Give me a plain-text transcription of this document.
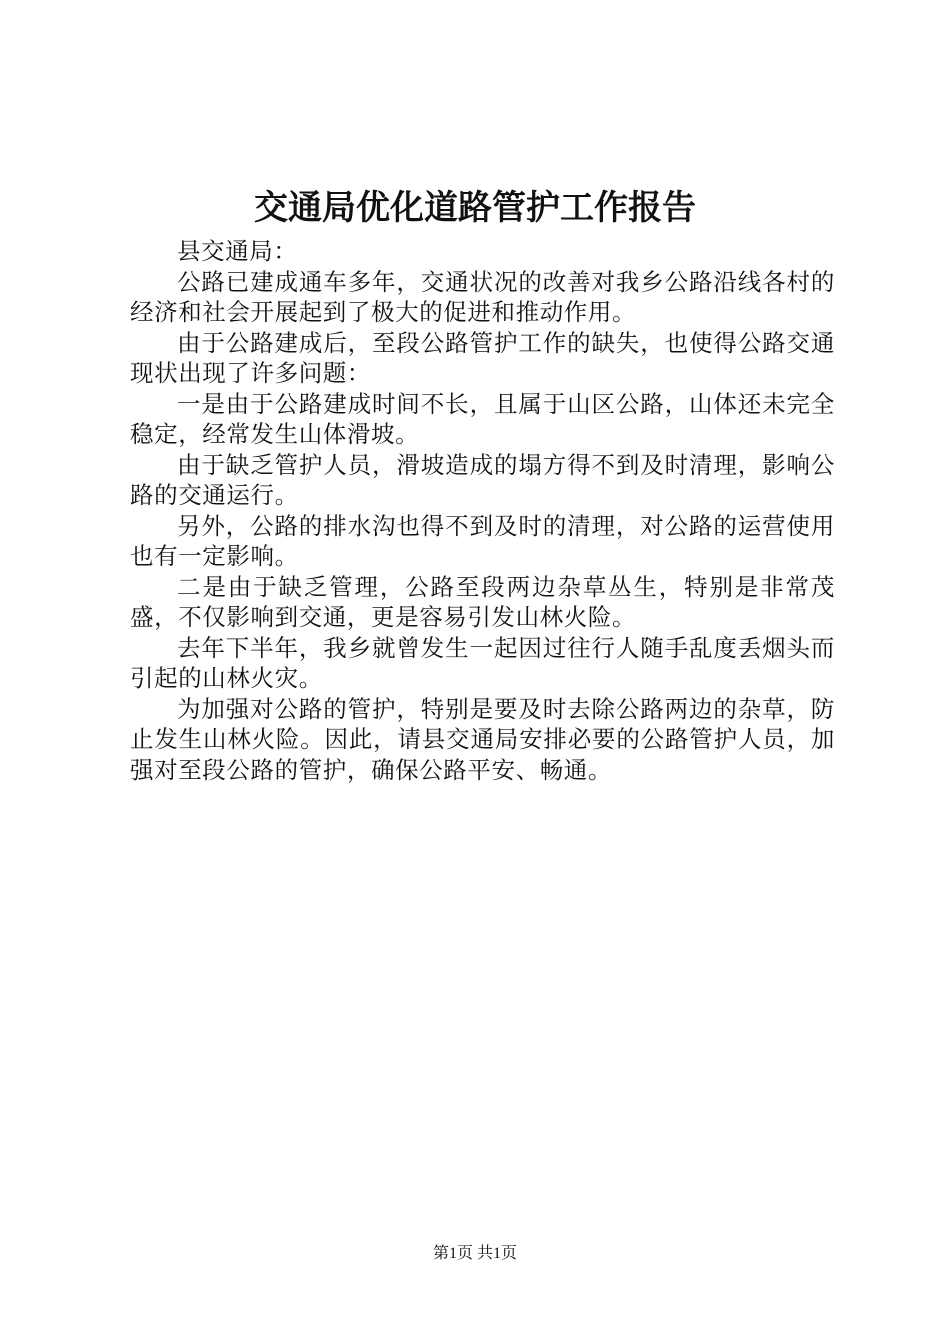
交通局优化道路管护工作报告

县交通局：

公路已建成通车多年，交通状况的改善对我乡公路沿线各村的经济和社会开展起到了极大的促进和推动作用。

由于公路建成后，至段公路管护工作的缺失，也使得公路交通现状出现了许多问题：

一是由于公路建成时间不长，且属于山区公路，山体还未完全稳定，经常发生山体滑坡。

由于缺乏管护人员，滑坡造成的塌方得不到及时清理，影响公路的交通运行。

另外，公路的排水沟也得不到及时的清理，对公路的运营使用也有一定影响。

二是由于缺乏管理，公路至段两边杂草丛生，特别是非常茂盛，不仅影响到交通，更是容易引发山林火险。

去年下半年，我乡就曾发生一起因过往行人随手乱度丢烟头而引起的山林火灾。

为加强对公路的管护，特别是要及时去除公路两边的杂草，防止发生山林火险。因此，请县交通局安排必要的公路管护人员，加强对至段公路的管护，确保公路平安、畅通。

第1页 共1页
